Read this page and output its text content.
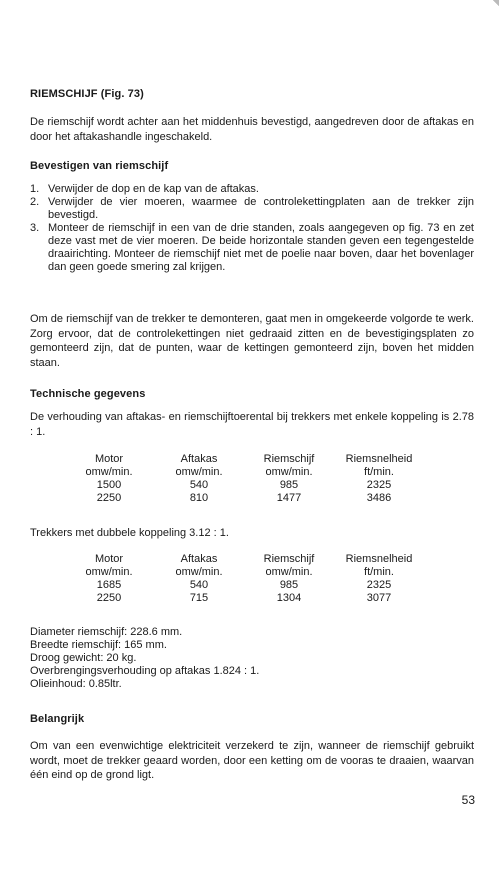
RIEMSCHIJF (Fig. 73)

De riemschijf wordt achter aan het middenhuis bevestigd, aangedreven door de aftakas en door het aftakashandle ingeschakeld.

Bevestigen van riemschijf
1. Verwijder de dop en de kap van de aftakas.
2. Verwijder de vier moeren, waarmee de controlekettingplaten aan de trekker zijn bevestigd.
3. Monteer de riemschijf in een van de drie standen, zoals aangegeven op fig. 73 en zet deze vast met de vier moeren. De beide horizontale standen geven een tegengestelde draairichting. Monteer de riemschijf niet met de poelie naar boven, daar het bovenlager dan geen goede smering zal krijgen.

Om de riemschijf van de trekker te demonteren, gaat men in omgekeerde volgorde te werk. Zorg ervoor, dat de controlekettingen niet gedraaid zitten en de bevestigingsplaten zo gemonteerd zijn, dat de punten, waar de kettingen gemonteerd zijn, boven het midden staan.

Technische gegevens

De verhouding van aftakas- en riemschijftoerental bij trekkers met enkele koppeling is 2.78 : 1.

Motor	Aftakas	Riemschijf	Riemsnelheid
omw/min.	omw/min.	omw/min.	ft/min.
1500	540	985	2325
2250	810	1477	3486

Trekkers met dubbele koppeling 3.12 : 1.

Motor	Aftakas	Riemschijf	Riemsnelheid
omw/min.	omw/min.	omw/min.	ft/min.
1685	540	985	2325
2250	715	1304	3077
Diameter riemschijf: 228.6 mm.
Breedte riemschijf: 165 mm.
Droog gewicht: 20 kg.
Overbrengingsverhouding op aftakas 1.824 : 1.
Olieinhoud: 0.85ltr.
Belangrijk

Om van een evenwichtige elektriciteit verzekerd te zijn, wanneer de riemschijf gebruikt wordt, moet de trekker geaard worden, door een ketting om de vooras te draaien, waarvan één eind op de grond ligt.

53
